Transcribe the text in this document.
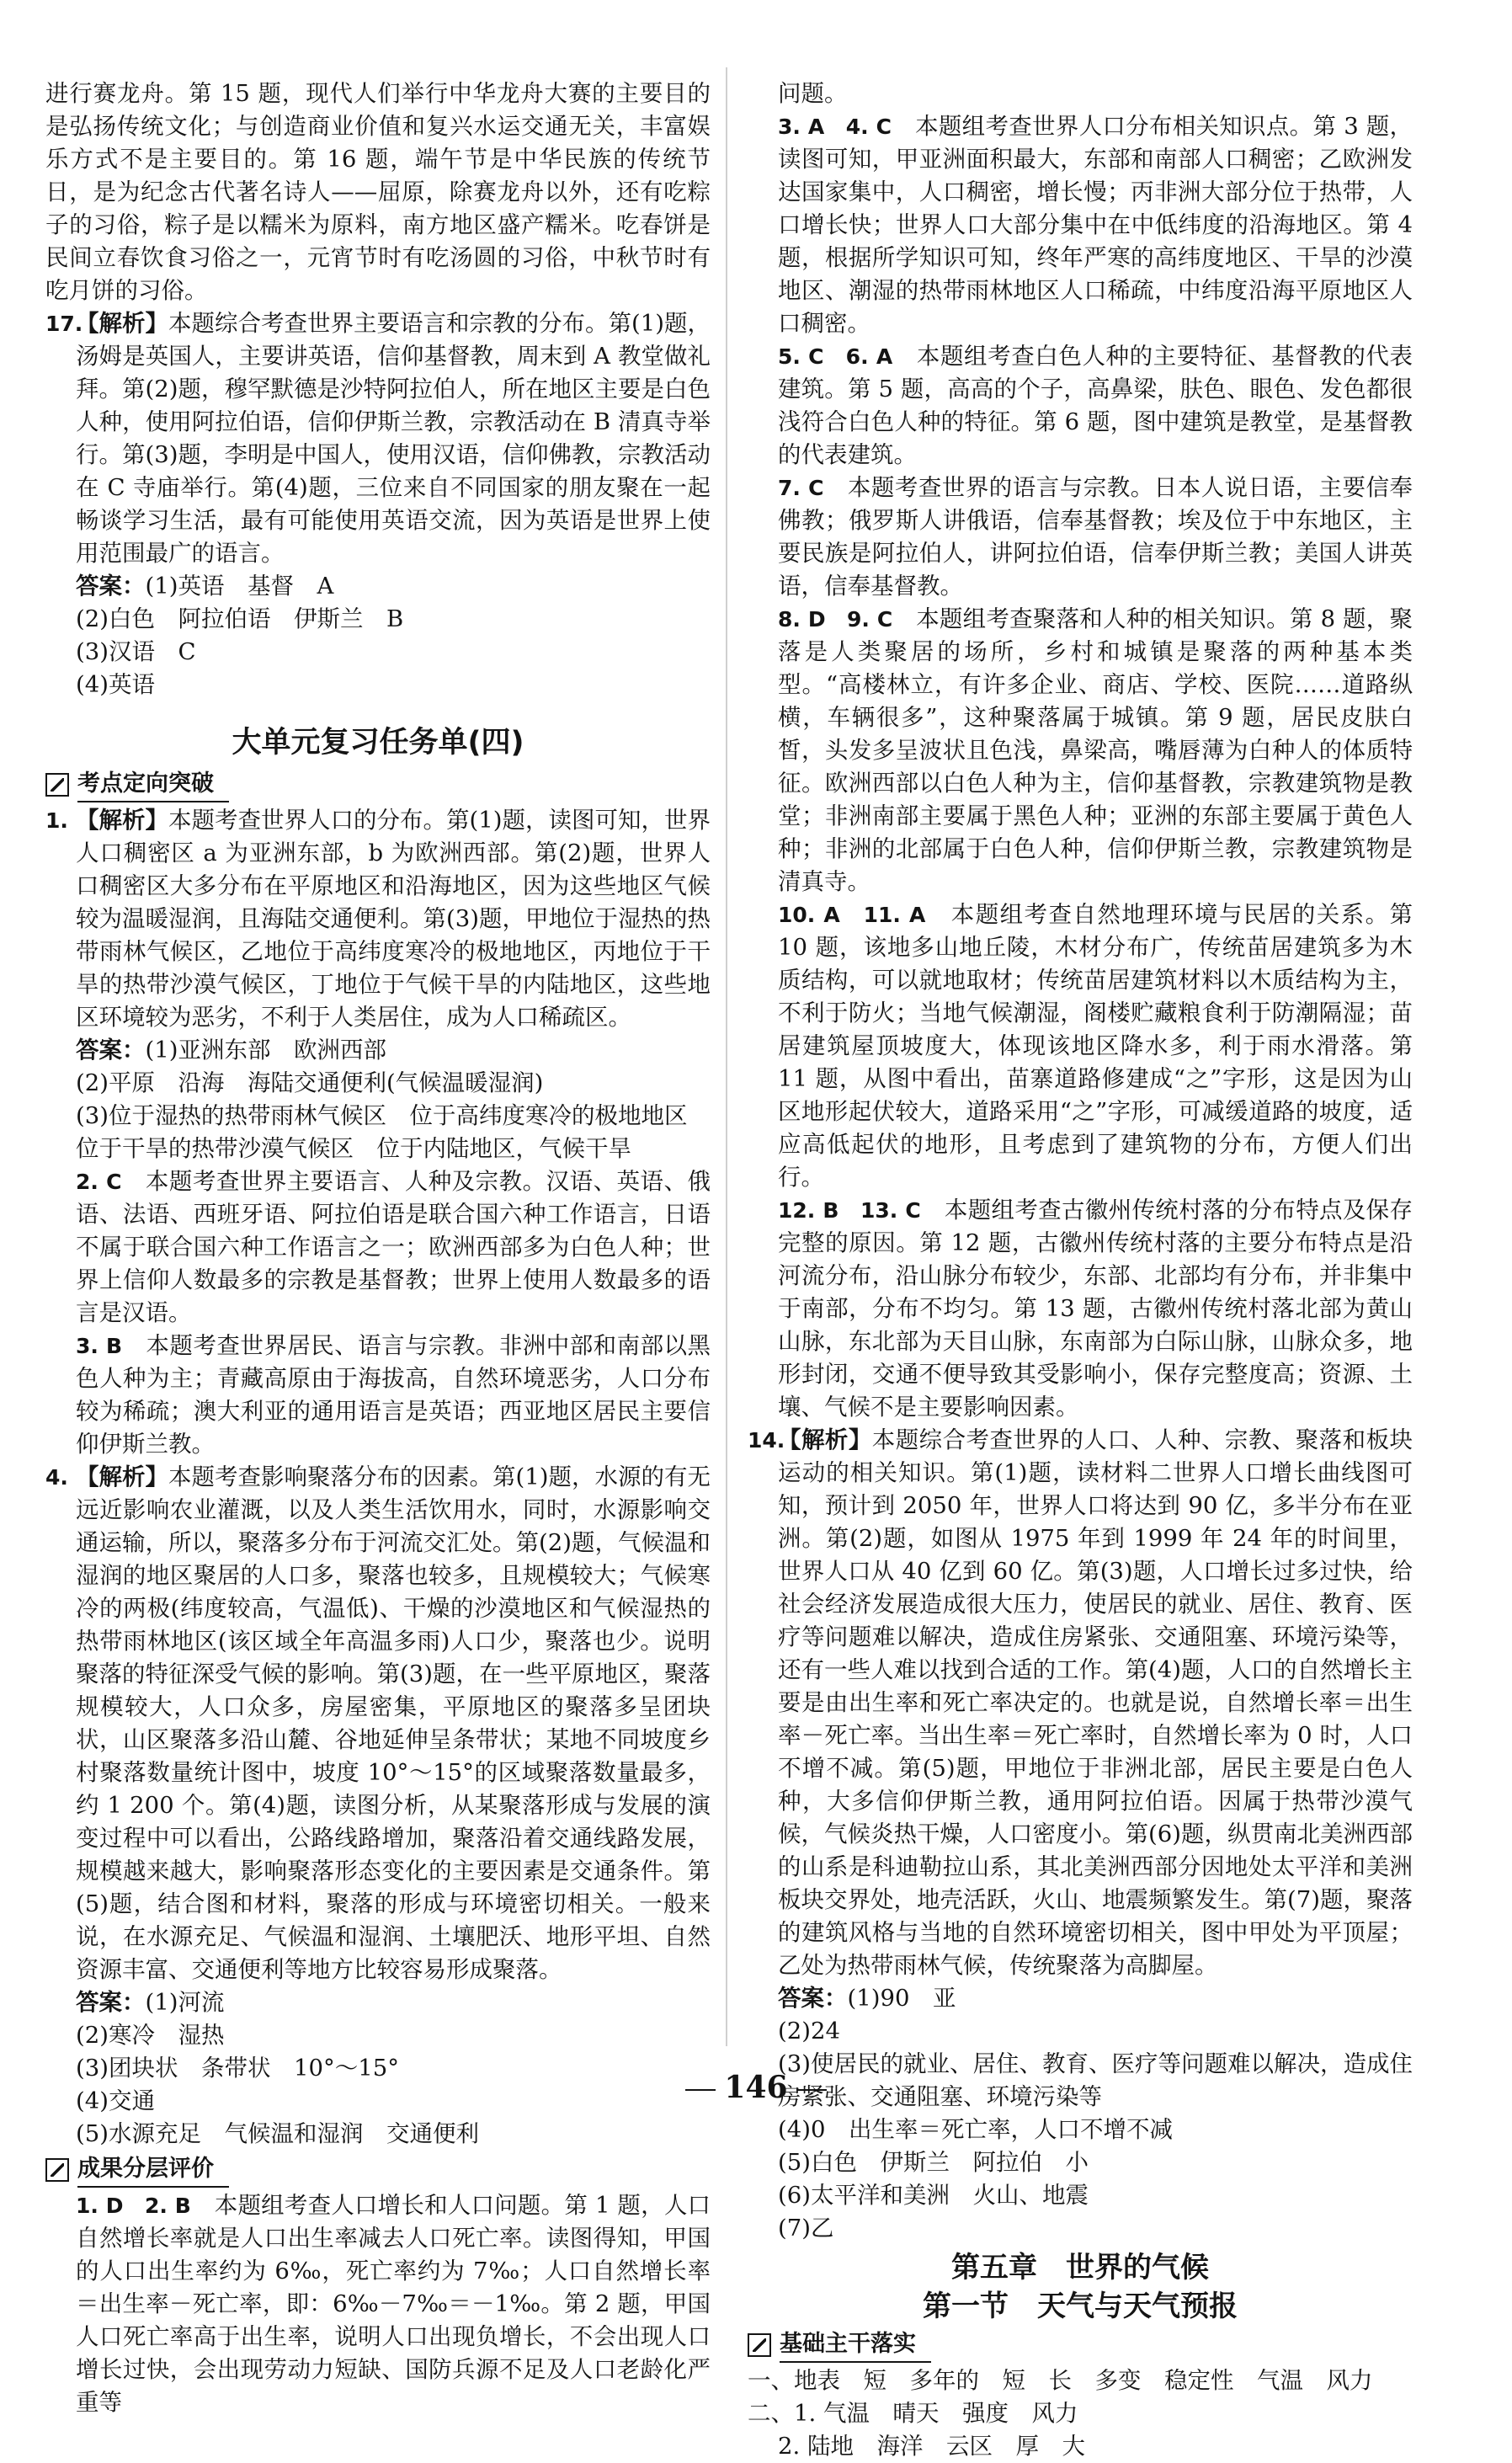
进行赛龙舟。第 15 题，现代人们举行中华龙舟大赛的主要目的是弘扬传统文化；与创造商业价值和复兴水运交通无关，丰富娱乐方式不是主要目的。第 16 题，端午节是中华民族的传统节日，是为纪念古代著名诗人——屈原，除赛龙舟以外，还有吃粽子的习俗，粽子是以糯米为原料，南方地区盛产糯米。吃春饼是民间立春饮食习俗之一，元宵节时有吃汤圆的习俗，中秋节时有吃月饼的习俗。

17.
【解析】本题综合考查世界主要语言和宗教的分布。第(1)题，汤姆是英国人，主要讲英语，信仰基督教，周末到 A 教堂做礼拜。第(2)题，穆罕默德是沙特阿拉伯人，所在地区主要是白色人种，使用阿拉伯语，信仰伊斯兰教，宗教活动在 B 清真寺举行。第(3)题，李明是中国人，使用汉语，信仰佛教，宗教活动在 C 寺庙举行。第(4)题，三位来自不同国家的朋友聚在一起畅谈学习生活，最有可能使用英语交流，因为英语是世界上使用范围最广的语言。

答案：(1)英语　基督　A

(2)白色　阿拉伯语　伊斯兰　B

(3)汉语　C

(4)英语

大单元复习任务单(四)
考点定向突破
1. 【解析】本题考查世界人口的分布。第(1)题，读图可知，世界人口稠密区 a 为亚洲东部，b 为欧洲西部。第(2)题，世界人口稠密区大多分布在平原地区和沿海地区，因为这些地区气候较为温暖湿润，且海陆交通便利。第(3)题，甲地位于湿热的热带雨林气候区，乙地位于高纬度寒冷的极地地区，丙地位于干旱的热带沙漠气候区，丁地位于气候干旱的内陆地区，这些地区环境较为恶劣，不利于人类居住，成为人口稀疏区。

答案：(1)亚洲东部　欧洲西部

(2)平原　沿海　海陆交通便利(气候温暖湿润)

(3)位于湿热的热带雨林气候区　位于高纬度寒冷的极地地区　位于干旱的热带沙漠气候区　位于内陆地区，气候干旱

2. C　 本题考查世界主要语言、人种及宗教。汉语、英语、俄语、法语、西班牙语、阿拉伯语是联合国六种工作语言，日语不属于联合国六种工作语言之一；欧洲西部多为白色人种；世界上信仰人数最多的宗教是基督教；世界上使用人数最多的语言是汉语。
3. B　 本题考查世界居民、语言与宗教。非洲中部和南部以黑色人种为主；青藏高原由于海拔高，自然环境恶劣，人口分布较为稀疏；澳大利亚的通用语言是英语；西亚地区居民主要信仰伊斯兰教。
4. 【解析】本题考查影响聚落分布的因素。第(1)题，水源的有无远近影响农业灌溉，以及人类生活饮用水，同时，水源影响交通运输，所以，聚落多分布于河流交汇处。第(2)题，气候温和湿润的地区聚居的人口多，聚落也较多，且规模较大；气候寒冷的两极(纬度较高，气温低)、干燥的沙漠地区和气候湿热的热带雨林地区(该区域全年高温多雨)人口少，聚落也少。说明聚落的特征深受气候的影响。第(3)题，在一些平原地区，聚落规模较大，人口众多，房屋密集，平原地区的聚落多呈团块状，山区聚落多沿山麓、谷地延伸呈条带状；某地不同坡度乡村聚落数量统计图中，坡度 10°～15°的区域聚落数量最多，约 1 200 个。第(4)题，读图分析，从某聚落形成与发展的演变过程中可以看出，公路线路增加，聚落沿着交通线路发展，规模越来越大，影响聚落形态变化的主要因素是交通条件。第(5)题，结合图和材料，聚落的形成与环境密切相关。一般来说，在水源充足、气候温和湿润、土壤肥沃、地形平坦、自然资源丰富、交通便利等地方比较容易形成聚落。

答案：(1)河流

(2)寒冷　湿热

(3)团块状　条带状　10°～15°

(4)交通

(5)水源充足　气候温和湿润　交通便利

成果分层评价
1. D　2. B　 本题组考查人口增长和人口问题。第 1 题，人口自然增长率就是人口出生率减去人口死亡率。读图得知，甲国的人口出生率约为 6‰，死亡率约为 7‰；人口自然增长率＝出生率－死亡率，即：6‰－7‰＝－1‰。第 2 题，甲国人口死亡率高于出生率，说明人口出现负增长，不会出现人口增长过快，会出现劳动力短缺、国防兵源不足及人口老龄化严重等

问题。

3. A　4. C　 本题组考查世界人口分布相关知识点。第 3 题，读图可知，甲亚洲面积最大，东部和南部人口稠密；乙欧洲发达国家集中，人口稠密，增长慢；丙非洲大部分位于热带，人口增长快；世界人口大部分集中在中低纬度的沿海地区。第 4 题，根据所学知识可知，终年严寒的高纬度地区、干旱的沙漠地区、潮湿的热带雨林地区人口稀疏，中纬度沿海平原地区人口稠密。
5. C　6. A　 本题组考查白色人种的主要特征、基督教的代表建筑。第 5 题，高高的个子，高鼻梁，肤色、眼色、发色都很浅符合白色人种的特征。第 6 题，图中建筑是教堂，是基督教的代表建筑。
7. C　 本题考查世界的语言与宗教。日本人说日语，主要信奉佛教；俄罗斯人讲俄语，信奉基督教；埃及位于中东地区，主要民族是阿拉伯人，讲阿拉伯语，信奉伊斯兰教；美国人讲英语，信奉基督教。
8. D　9. C　 本题组考查聚落和人种的相关知识。第 8 题，聚落是人类聚居的场所，乡村和城镇是聚落的两种基本类型。“高楼林立，有许多企业、商店、学校、医院……道路纵横，车辆很多”，这种聚落属于城镇。第 9 题，居民皮肤白皙，头发多呈波状且色浅，鼻梁高，嘴唇薄为白种人的体质特征。欧洲西部以白色人种为主，信仰基督教，宗教建筑物是教堂；非洲南部主要属于黑色人种；亚洲的东部主要属于黄色人种；非洲的北部属于白色人种，信仰伊斯兰教，宗教建筑物是清真寺。
10. A　11. A　 本题组考查自然地理环境与民居的关系。第 10 题，该地多山地丘陵，木材分布广，传统苗居建筑多为木质结构，可以就地取材；传统苗居建筑材料以木质结构为主，不利于防火；当地气候潮湿，阁楼贮藏粮食利于防潮隔湿；苗居建筑屋顶坡度大，体现该地区降水多，利于雨水滑落。第 11 题，从图中看出，苗寨道路修建成“之”字形，这是因为山区地形起伏较大，道路采用“之”字形，可减缓道路的坡度，适应高低起伏的地形，且考虑到了建筑物的分布，方便人们出行。
12. B　13. C　 本题组考查古徽州传统村落的分布特点及保存完整的原因。第 12 题，古徽州传统村落的主要分布特点是沿河流分布，沿山脉分布较少，东部、北部均有分布，并非集中于南部，分布不均匀。第 13 题，古徽州传统村落北部为黄山山脉，东北部为天目山脉，东南部为白际山脉，山脉众多，地形封闭，交通不便导致其受影响小，保存完整度高；资源、土壤、气候不是主要影响因素。
14.
【解析】本题综合考查世界的人口、人种、宗教、聚落和板块运动的相关知识。第(1)题，读材料二世界人口增长曲线图可知，预计到 2050 年，世界人口将达到 90 亿，多半分布在亚洲。第(2)题，如图从 1975 年到 1999 年 24 年的时间里，世界人口从 40 亿到 60 亿。第(3)题，人口增长过多过快，给社会经济发展造成很大压力，使居民的就业、居住、教育、医疗等问题难以解决，造成住房紧张、交通阻塞、环境污染等，还有一些人难以找到合适的工作。第(4)题，人口的自然增长主要是由出生率和死亡率决定的。也就是说，自然增长率＝出生率－死亡率。当出生率＝死亡率时，自然增长率为 0 时，人口不增不减。第(5)题，甲地位于非洲北部，居民主要是白色人种，大多信仰伊斯兰教，通用阿拉伯语。因属于热带沙漠气候，气候炎热干燥，人口密度小。第(6)题，纵贯南北美洲西部的山系是科迪勒拉山系，其北美洲西部分因地处太平洋和美洲板块交界处，地壳活跃，火山、地震频繁发生。第(7)题，聚落的建筑风格与当地的自然环境密切相关，图中甲处为平顶屋；乙处为热带雨林气候，传统聚落为高脚屋。

答案：(1)90　亚

(2)24

(3)使居民的就业、居住、教育、医疗等问题难以解决，造成住房紧张、交通阻塞、环境污染等

(4)0　出生率＝死亡率，人口不增不减

(5)白色　伊斯兰　阿拉伯　小

(6)太平洋和美洲　火山、地震

(7)乙

第五章　世界的气候
第一节　天气与天气预报
基础主干落实

一、地表　短　多年的　短　长　多变　稳定性　气温　风力

二、1. 气温　晴天　强度　风力

2. 陆地　海洋　云区　厚　大

146
